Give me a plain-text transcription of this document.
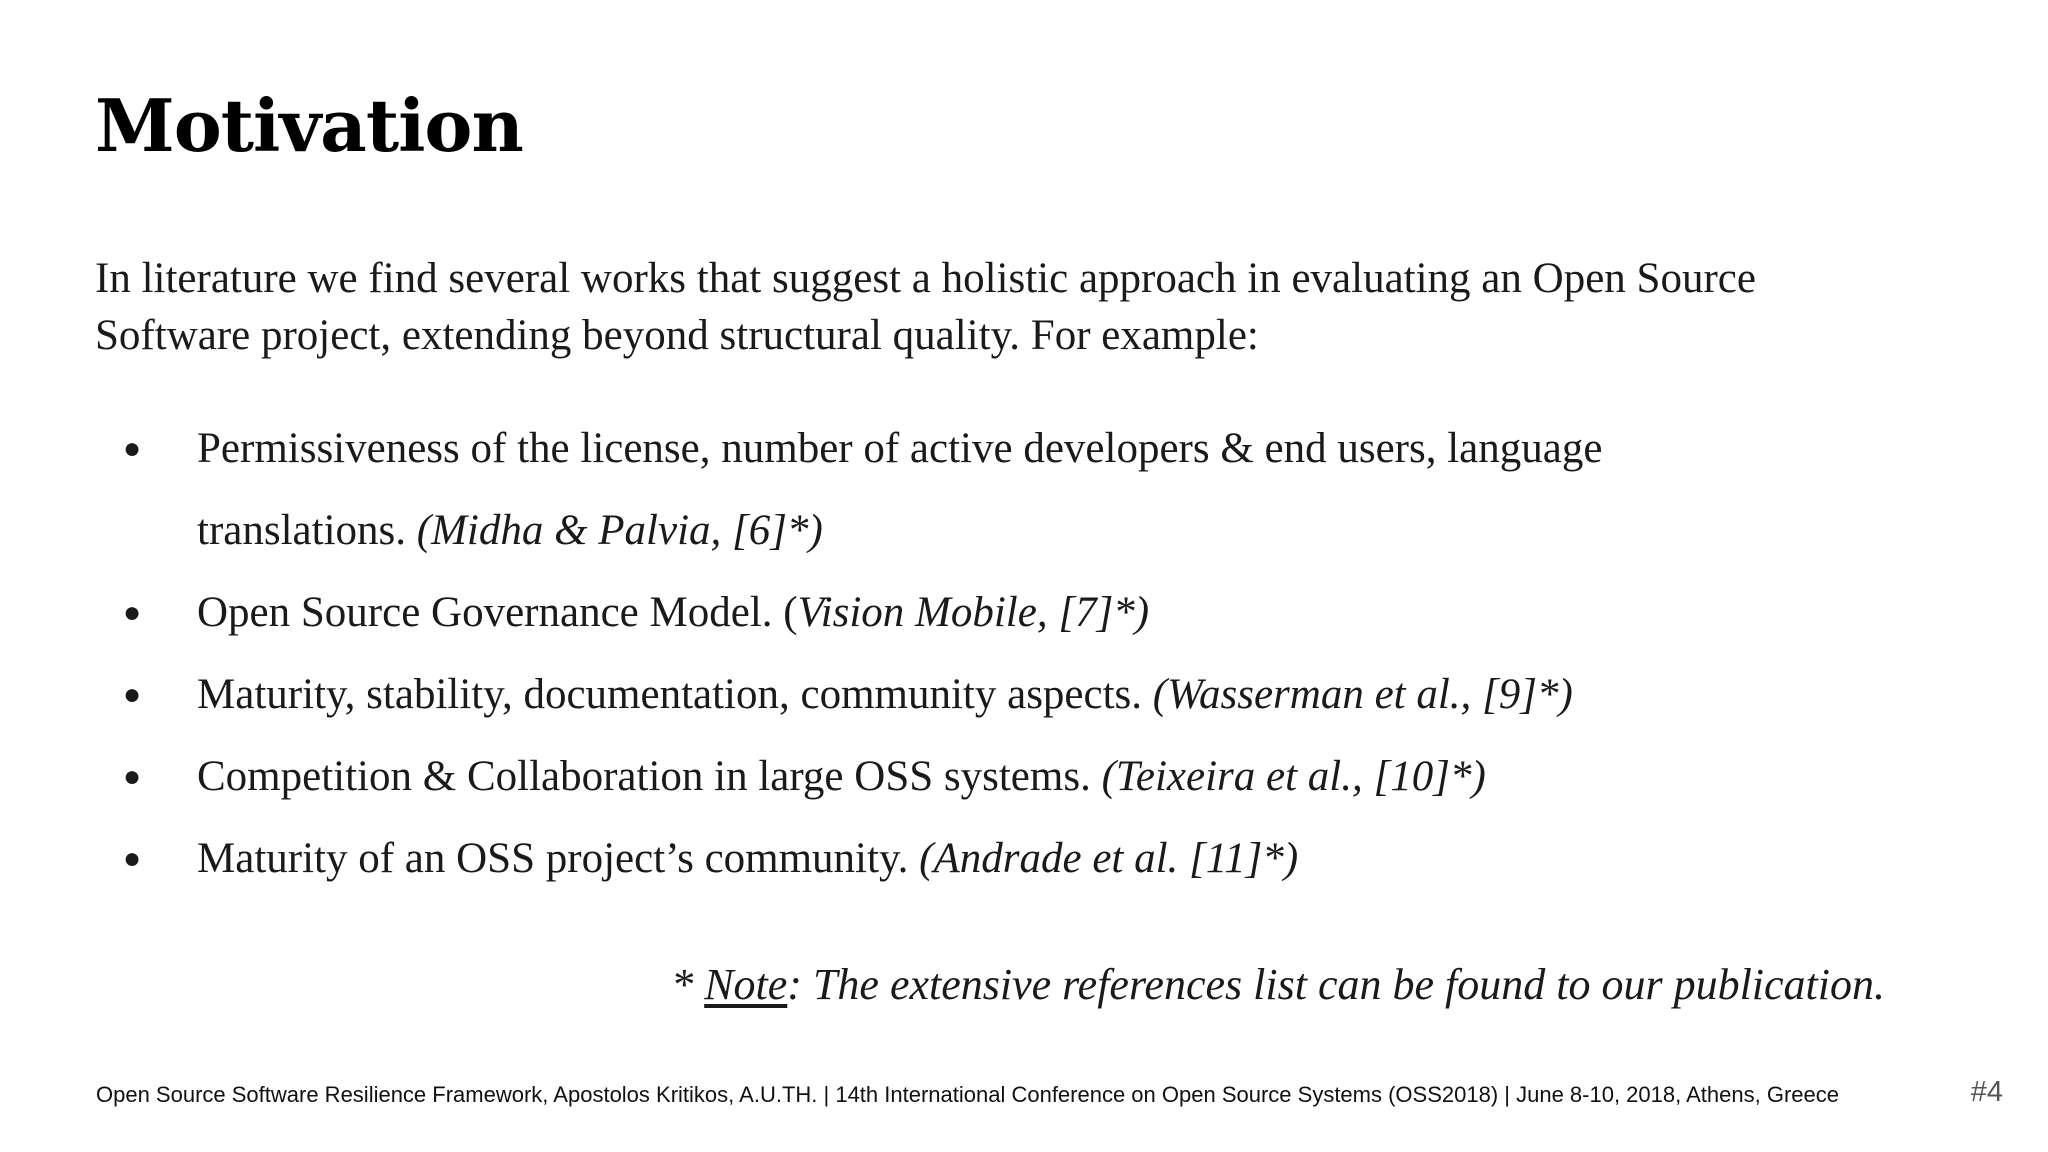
Motivation
In literature we find several works that suggest a holistic approach in evaluating an Open Source
Software project, extending beyond structural quality. For example:
● Permissiveness of the license, number of active developers & end users, language
translations. (Midha & Palvia, [6]*)
● Open Source Governance Model. (Vision Mobile, [7]*)
● Maturity, stability, documentation, community aspects. (Wasserman et al., [9]*)
● Competition & Collaboration in large OSS systems. (Teixeira et al., [10]*)
● Maturity of an OSS project’s community. (Andrade et al. [11]*)

* Note: The extensive references list can be found to our publication.

Open Source Software Resilience Framework, Apostolos Kritikos, A.U.TH. | 14th International Conference on Open Source Systems (OSS2018) | June 8-10, 2018, Athens, Greece	#4
